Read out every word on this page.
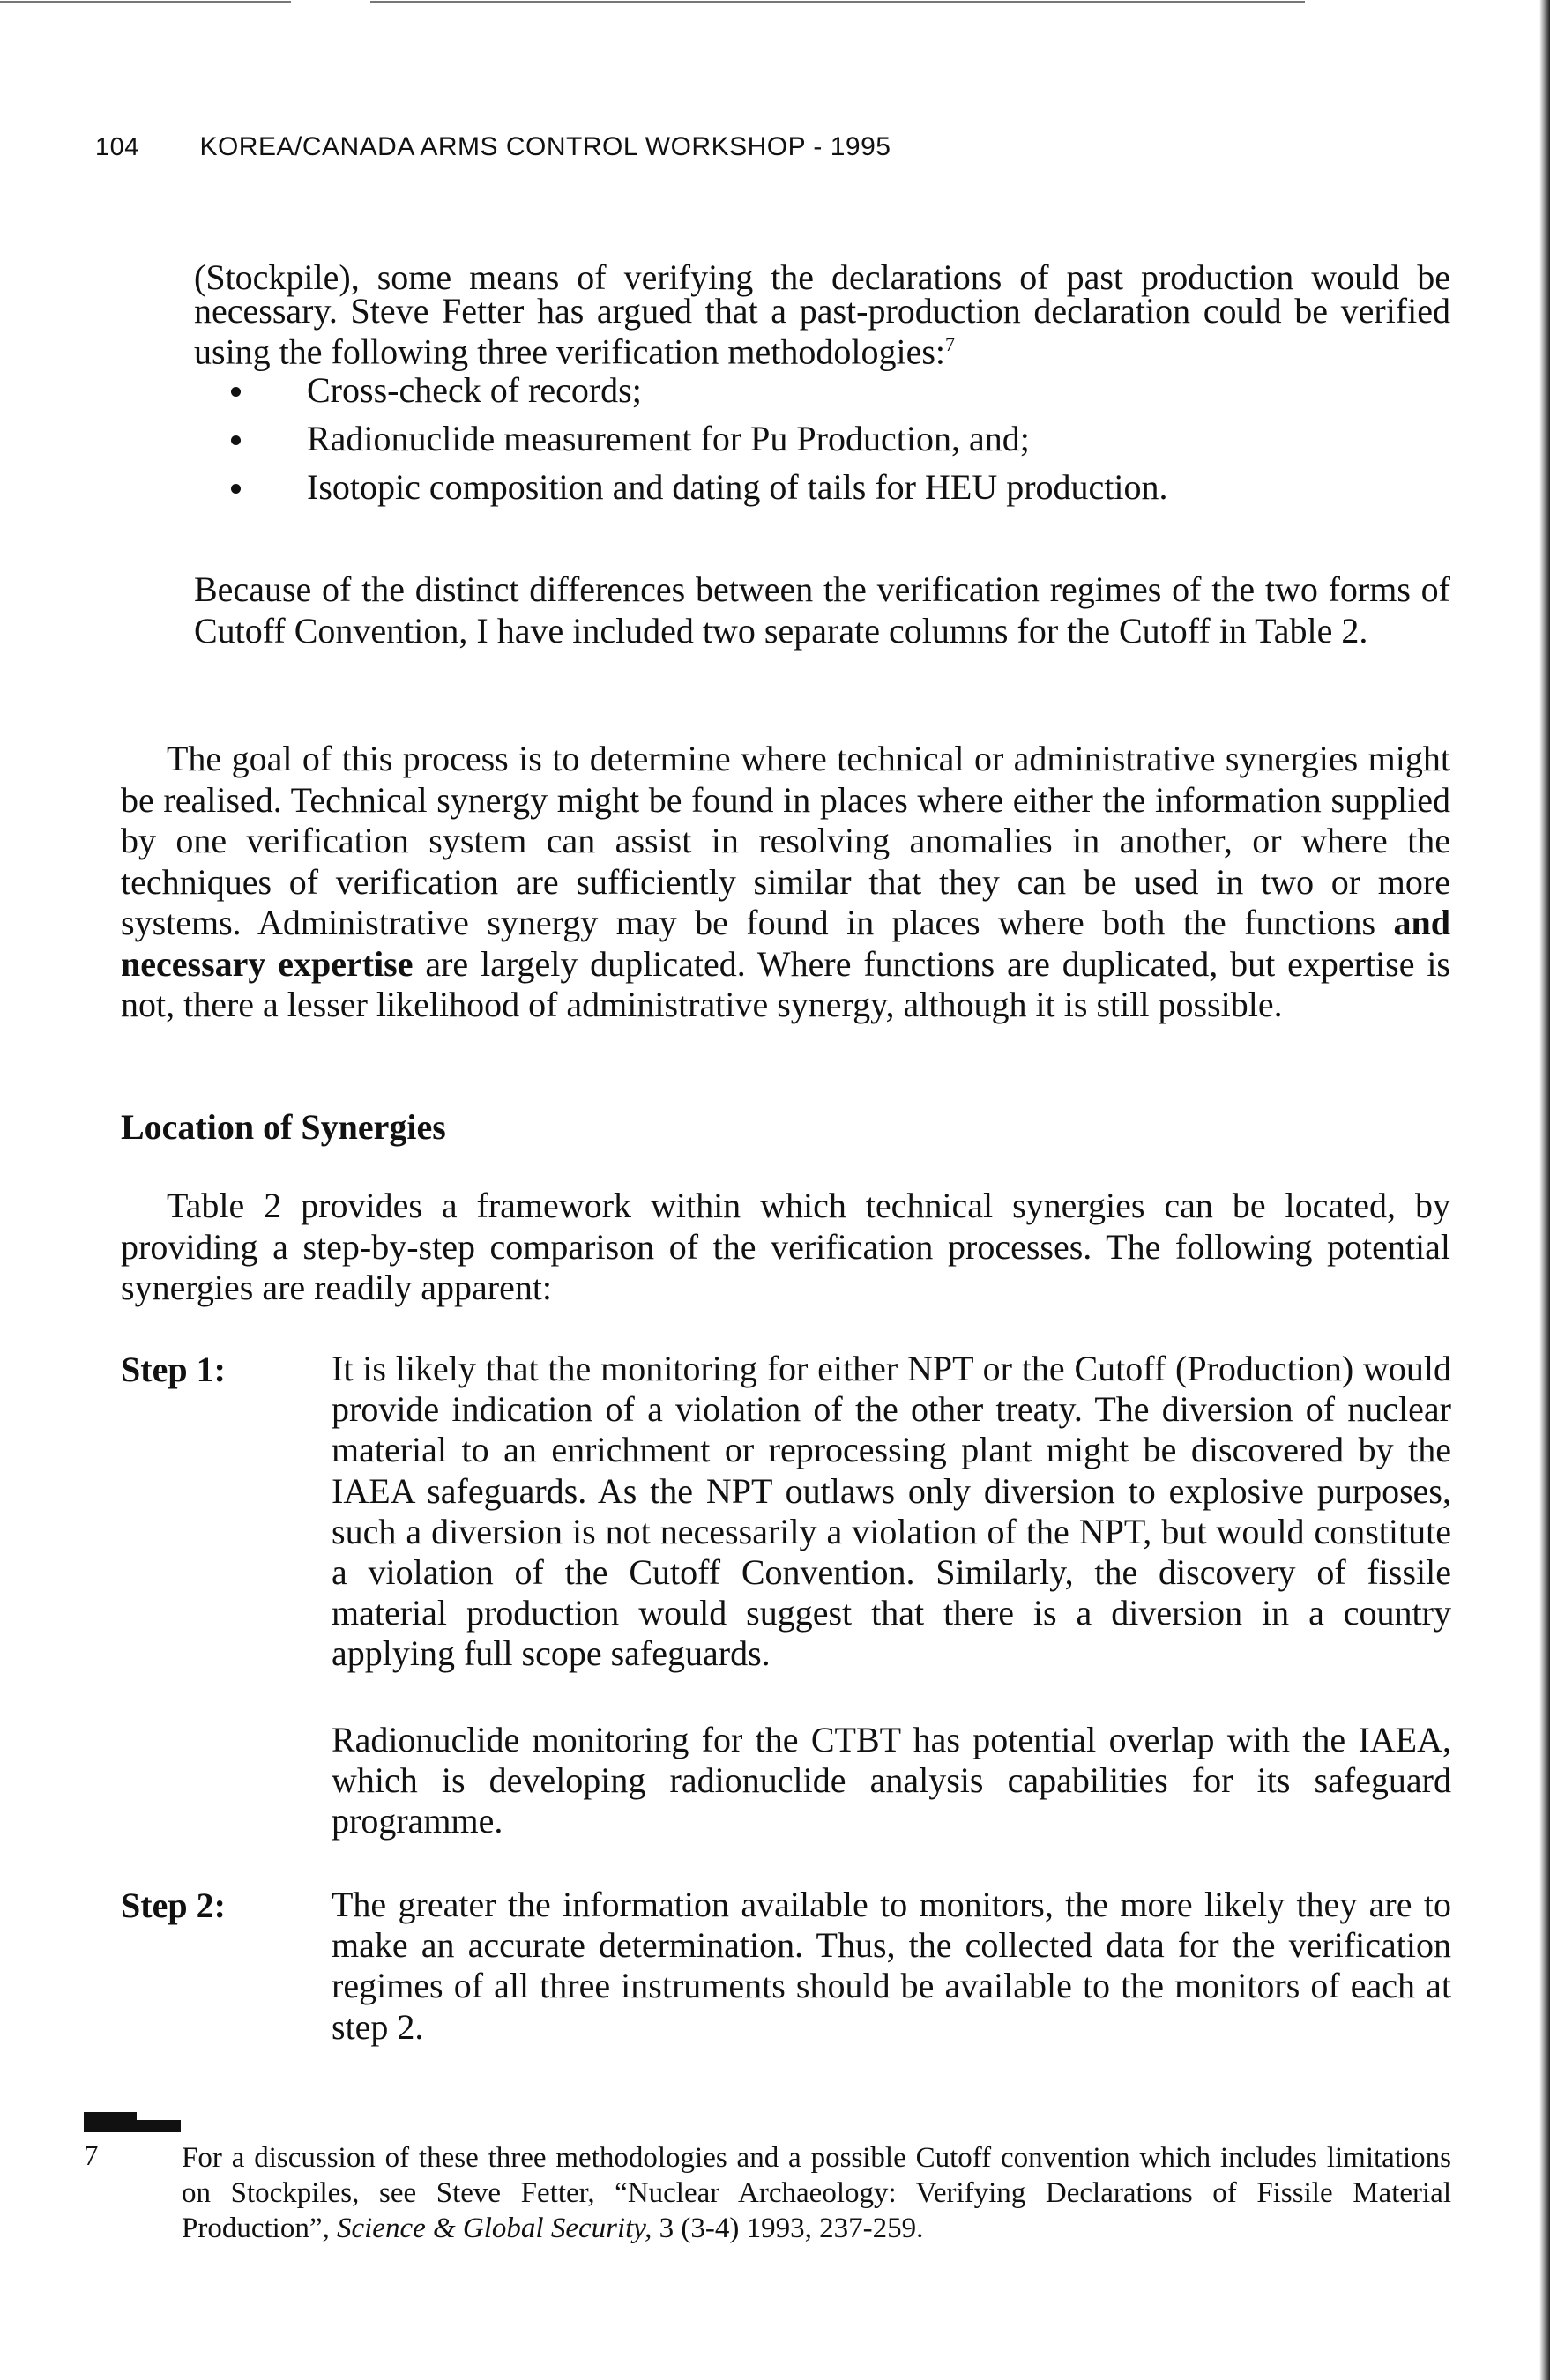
104 KOREA/CANADA ARMS CONTROL WORKSHOP - 1995

(Stockpile), some means of verifying the declarations of past production would be necessary. Steve Fetter has argued that a past-production declaration could be verified using the following three verification methodologies:$^7$

Cross-check of records;
Radionuclide measurement for Pu Production, and;
Isotopic composition and dating of tails for HEU production.

Because of the distinct differences between the verification regimes of the two forms of Cutoff Convention, I have included two separate columns for the Cutoff in Table 2.

The goal of this process is to determine where technical or administrative synergies might be realised. Technical synergy might be found in places where either the information supplied by one verification system can assist in resolving anomalies in another, or where the techniques of verification are sufficiently similar that they can be used in two or more systems. Administrative synergy may be found in places where both the functions and necessary expertise are largely duplicated. Where functions are duplicated, but expertise is not, there a lesser likelihood of administrative synergy, although it is still possible.

Location of Synergies

Table 2 provides a framework within which technical synergies can be located, by providing a step-by-step comparison of the verification processes. The following potential synergies are readily apparent:

Step 1:	It is likely that the monitoring for either NPT or the Cutoff (Production) would provide indication of a violation of the other treaty. The diversion of nuclear material to an enrichment or reprocessing plant might be discovered by the IAEA safeguards. As the NPT outlaws only diversion to explosive purposes, such a diversion is not necessarily a violation of the NPT, but would constitute a violation of the Cutoff Convention. Similarly, the discovery of fissile material production would suggest that there is a diversion in a country applying full scope safeguards.

Radionuclide monitoring for the CTBT has potential overlap with the IAEA, which is developing radionuclide analysis capabilities for its safeguard programme.

Step 2:	The greater the information available to monitors, the more likely they are to make an accurate determination. Thus, the collected data for the verification regimes of all three instruments should be available to the monitors of each at step 2.

7	For a discussion of these three methodologies and a possible Cutoff convention which includes limitations on Stockpiles, see Steve Fetter, “Nuclear Archaeology: Verifying Declarations of Fissile Material Production”, Science & Global Security, 3 (3-4) 1993, 237-259.
